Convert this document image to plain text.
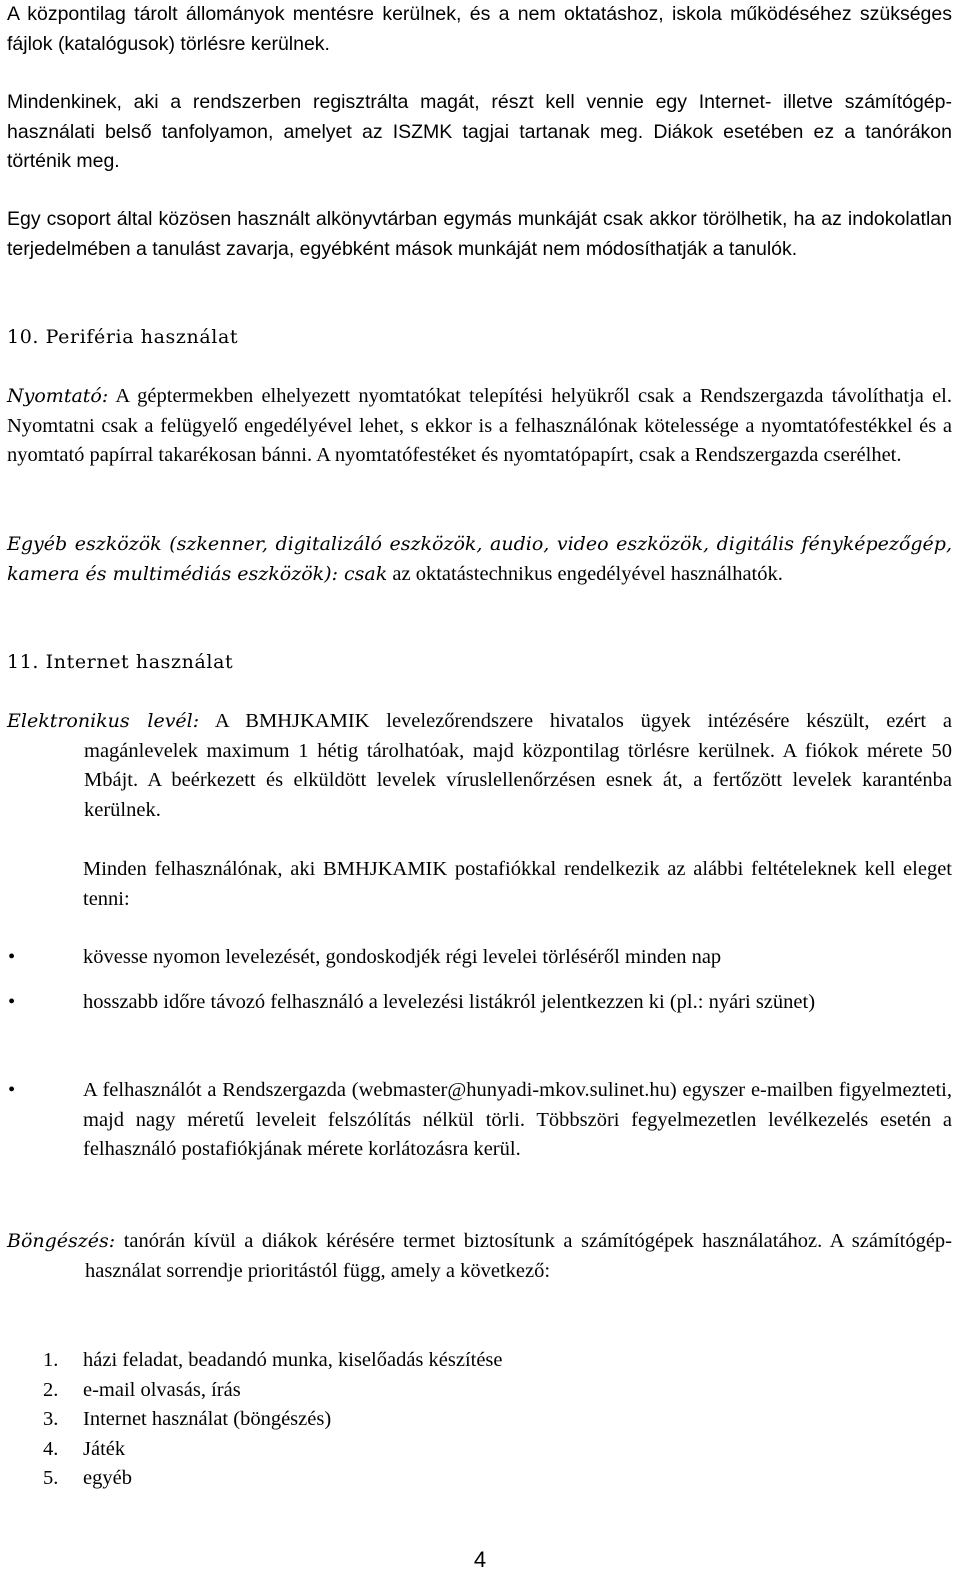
A központilag tárolt állományok mentésre kerülnek, és a nem oktatáshoz, iskola működéséhez szükséges fájlok (katalógusok) törlésre kerülnek.

Mindenkinek, aki a rendszerben regisztrálta magát, részt kell vennie egy Internet- illetve számítógép-használati belső tanfolyamon, amelyet az ISZMK tagjai tartanak meg. Diákok esetében ez a tanórákon történik meg.

Egy csoport által közösen használt alkönyvtárban egymás munkáját csak akkor törölhetik, ha az indokolatlan terjedelmében a tanulást zavarja, egyébként mások munkáját nem módosíthatják a tanulók.

10. Periféria használat

Nyomtató: A géptermekben elhelyezett nyomtatókat telepítési helyükről csak a Rendszergazda távolíthatja el. Nyomtatni csak a felügyelő engedélyével lehet, s ekkor is a felhasználónak kötelessége a nyomtatófestékkel és a nyomtató papírral takarékosan bánni. A nyomtatófestéket és nyomtatópapírt, csak a Rendszergazda cserélhet.

Egyéb eszközök (szkenner, digitalizáló eszközök, audio, video eszközök, digitális fényképezőgép, kamera és multimédiás eszközök): csak az oktatástechnikus engedélyével használhatók.

11. Internet használat

Elektronikus levél: A BMHJKAMIK levelezőrendszere hivatalos ügyek intézésére készült, ezért a magánlevelek maximum 1 hétig tárolhatóak, majd központilag törlésre kerülnek. A fiókok mérete 50 Mbájt. A beérkezett és elküldött levelek víruslellenőrzésen esnek át, a fertőzött levelek karanténba kerülnek.

Minden felhasználónak, aki BMHJKAMIK postafiókkal rendelkezik az alábbi feltételeknek kell eleget tenni:

•	kövesse nyomon levelezését, gondoskodjék régi levelei törléséről minden nap

•	hosszabb időre távozó felhasználó a levelezési listákról jelentkezzen ki (pl.: nyári szünet)

•	A felhasználót a Rendszergazda (webmaster@hunyadi-mkov.sulinet.hu) egyszer e-mailben figyelmezteti, majd nagy méretű leveleit felszólítás nélkül törli. Többszöri fegyelmezetlen levélkezelés esetén a felhasználó postafiókjának mérete korlátozásra kerül.

Böngészés: tanórán kívül a diákok kérésére termet biztosítunk a számítógépek használatához. A számítógép-használat sorrendje prioritástól függ, amely a következő:

1. házi feladat, beadandó munka, kiselőadás készítése

2. e-mail olvasás, írás

3. Internet használat (böngészés)

4. Játék

5. egyéb

4
